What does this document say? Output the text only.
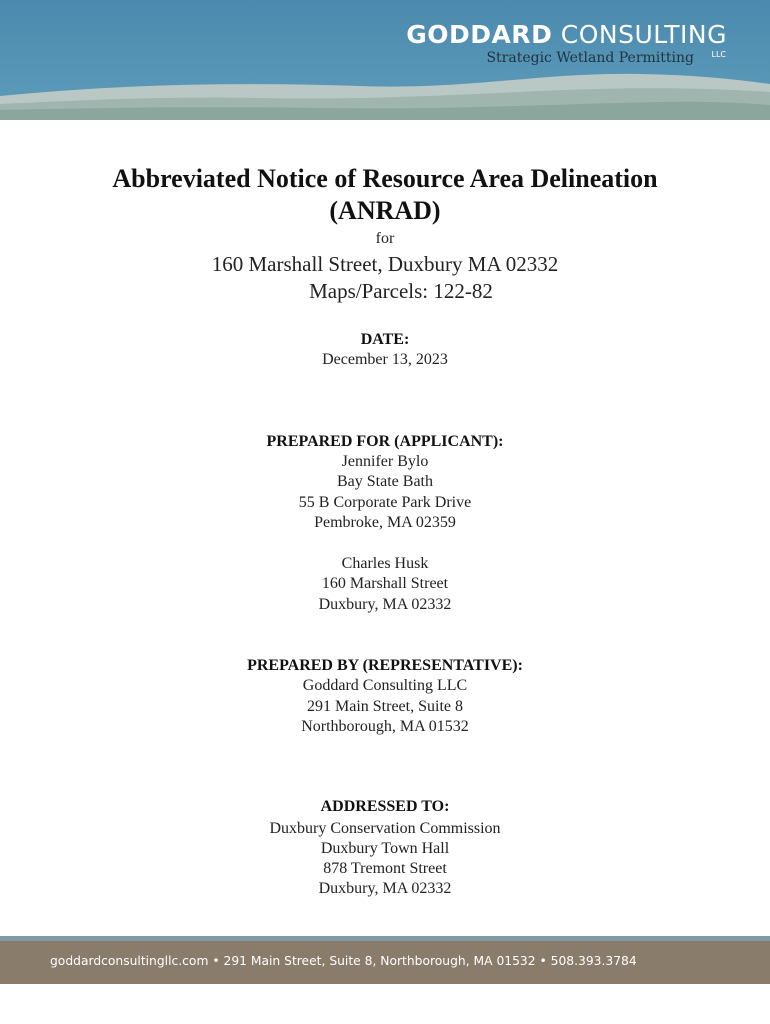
GODDARD CONSULTING
LLC
Strategic Wetland Permitting
Abbreviated Notice of Resource Area Delineation
(ANRAD)
for
160 Marshall Street, Duxbury MA 02332
Maps/Parcels: 122-82
DATE:
December 13, 2023
PREPARED FOR (APPLICANT):
Jennifer Bylo
Bay State Bath
55 B Corporate Park Drive
Pembroke, MA 02359
Charles Husk
160 Marshall Street
Duxbury, MA 02332
PREPARED BY (REPRESENTATIVE):
Goddard Consulting LLC
291 Main Street, Suite 8
Northborough, MA 01532
ADDRESSED TO:
Duxbury Conservation Commission
Duxbury Town Hall
878 Tremont Street
Duxbury, MA 02332
goddardconsultingllc.com • 291 Main Street, Suite 8, Northborough, MA 01532 • 508.393.3784
